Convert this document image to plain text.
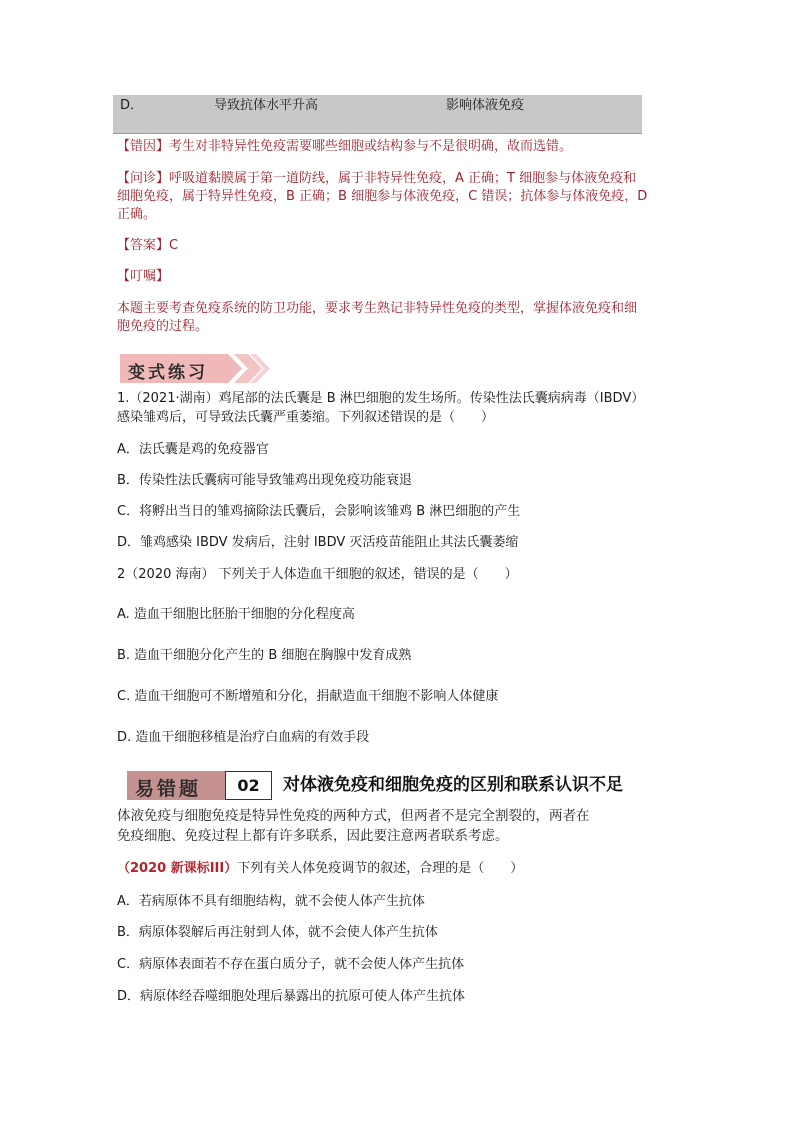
D．	导致抗体水平升高	影响体液免疫
【错因】考生对非特异性免疫需要哪些细胞或结构参与不是很明确，故而选错。
【问诊】呼吸道黏膜属于第一道防线，属于非特异性免疫，A 正确；T 细胞参与体液免疫和
细胞免疫，属于特异性免疫，B 正确；B 细胞参与体液免疫，C 错误；抗体参与体液免疫，D
正确。
【答案】C
【叮嘱】
本题主要考查免疫系统的防卫功能，要求考生熟记非特异性免疫的类型，掌握体液免疫和细
胞免疫的过程。
变式练习
1.（2021·湖南）鸡尾部的法氏囊是 B 淋巴细胞的发生场所。传染性法氏囊病病毒（IBDV）
感染雏鸡后，可导致法氏囊严重萎缩。下列叙述错误的是（　　）
A．法氏囊是鸡的免疫器官
B．传染性法氏囊病可能导致雏鸡出现免疫功能衰退
C．将孵出当日的雏鸡摘除法氏囊后，会影响该雏鸡 B 淋巴细胞的产生
D．雏鸡感染 IBDV 发病后，注射 IBDV 灭活疫苗能阻止其法氏囊萎缩
2（2020 海南） 下列关于人体造血干细胞的叙述，错误的是（　　）
A. 造血干细胞比胚胎干细胞的分化程度高
B. 造血干细胞分化产生的 B 细胞在胸腺中发育成熟
C. 造血干细胞可不断增殖和分化，捐献造血干细胞不影响人体健康
D. 造血干细胞移植是治疗白血病的有效手段
易错题	02	对体液免疫和细胞免疫的区别和联系认识不足
体液免疫与细胞免疫是特异性免疫的两种方式，但两者不是完全割裂的，两者在
免疫细胞、免疫过程上都有许多联系，因此要注意两者联系考虑。
（2020 新课标III）下列有关人体免疫调节的叙述，合理的是（　　）
A．若病原体不具有细胞结构，就不会使人体产生抗体
B．病原体裂解后再注射到人体，就不会使人体产生抗体
C．病原体表面若不存在蛋白质分子，就不会使人体产生抗体
D．病原体经吞噬细胞处理后暴露出的抗原可使人体产生抗体
